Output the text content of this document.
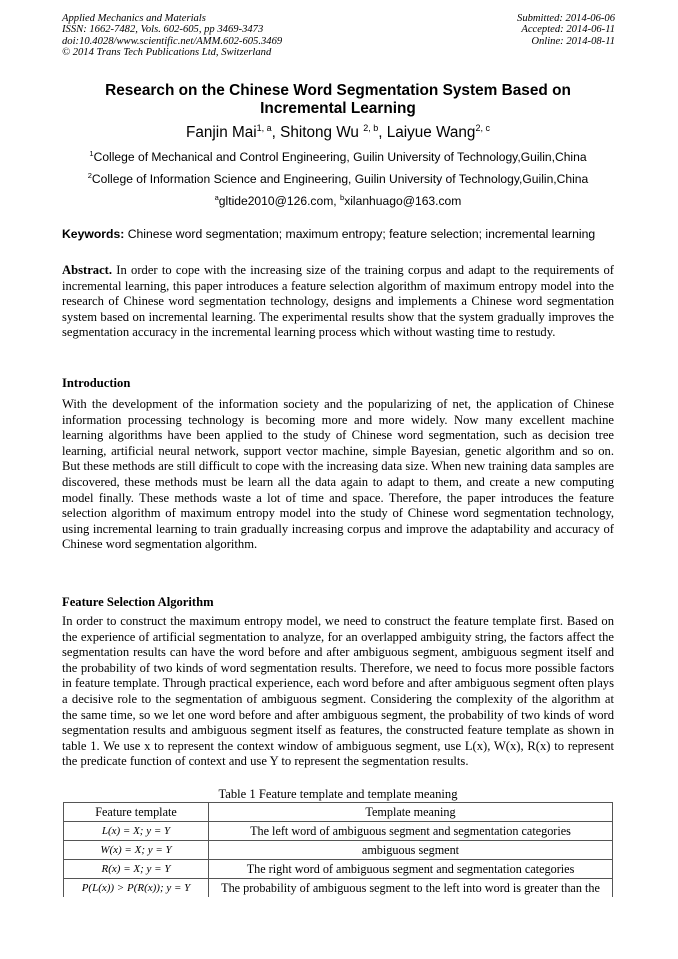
Applied Mechanics and Materials
ISSN: 1662-7482, Vols. 602-605, pp 3469-3473
doi:10.4028/www.scientific.net/AMM.602-605.3469
© 2014 Trans Tech Publications Ltd, Switzerland
Submitted: 2014-06-06
Accepted: 2014-06-11
Online: 2014-08-11
Research on the Chinese Word Segmentation System Based on
Incremental Learning
Fanjin Mai$^{1, a}$, Shitong Wu $^{2, b}$, Laiyue Wang$^{2, c}$
$^1$College of Mechanical and Control Engineering, Guilin University of Technology,Guilin,China
$^2$College of Information Science and Engineering, Guilin University of Technology,Guilin,China
$^a$gltide2010@126.com, $^b$xilanhuago@163.com
Keywords: Chinese word segmentation; maximum entropy; feature selection; incremental learning
Abstract. In order to cope with the increasing size of the training corpus and adapt to the requirements of incremental learning, this paper introduces a feature selection algorithm of maximum entropy model into the research of Chinese word segmentation technology, designs and implements a Chinese word segmentation system based on incremental learning. The experimental results show that the system gradually improves the segmentation accuracy in the incremental learning process which without wasting time to restudy.
Introduction
With the development of the information society and the popularizing of net, the application of Chinese information processing technology is becoming more and more widely. Now many excellent machine learning algorithms have been applied to the study of Chinese word segmentation, such as decision tree learning, artificial neural network, support vector machine, simple Bayesian, genetic algorithm and so on. But these methods are still difficult to cope with the increasing data size. When new training data samples are discovered, these methods must be learn all the data again to adapt to them, and create a new computing model finally. These methods waste a lot of time and space. Therefore, the paper introduces the feature selection algorithm of maximum entropy model into the study of Chinese word segmentation technology, using incremental learning to train gradually increasing corpus and improve the adaptability and accuracy of Chinese word segmentation algorithm.
Feature Selection Algorithm
In order to construct the maximum entropy model, we need to construct the feature template first. Based on the experience of artificial segmentation to analyze, for an overlapped ambiguity string, the factors affect the segmentation results can have the word before and after ambiguous segment, ambiguous segment itself and the probability of two kinds of word segmentation results. Therefore, we need to focus more possible factors in feature template. Through practical experience, each word before and after ambiguous segment often plays a decisive role to the segmentation of ambiguous segment. Considering the complexity of the algorithm at the same time, so we let one word before and after ambiguous segment, the probability of two kinds of word segmentation results and ambiguous segment itself as features, the constructed feature template as shown in table 1. We use x to represent the context window of ambiguous segment, use L(x), W(x), R(x) to represent the predicate function of context and use Y to represent the segmentation results.
Table 1 Feature template and template meaning
Feature template	Template meaning
L(x) = X; y = Y	The left word of ambiguous segment and segmentation categories
W(x) = X; y = Y	ambiguous segment
R(x) = X; y = Y	The right word of ambiguous segment and segmentation categories
P(L(x)) > P(R(x)); y = Y	The probability of ambiguous segment to the left into word is greater than the
